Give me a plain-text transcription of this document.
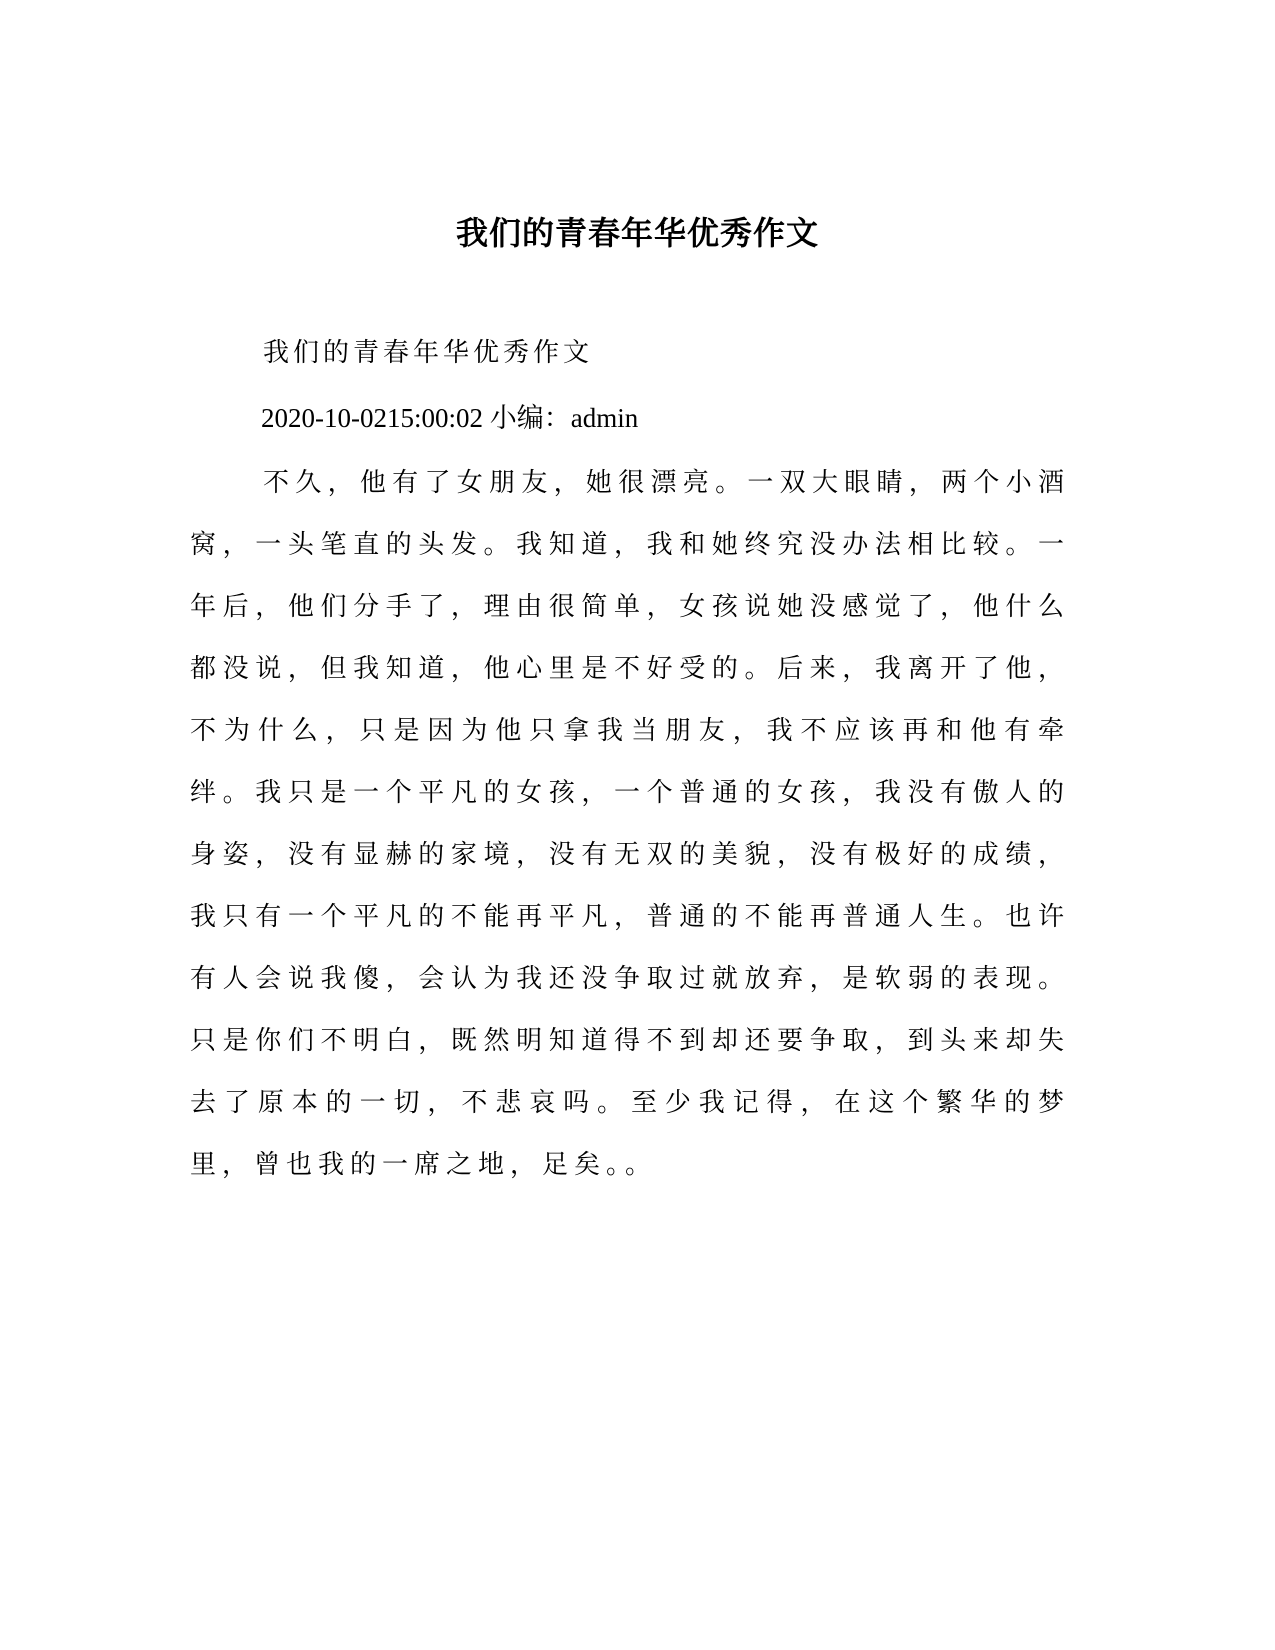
我们的青春年华优秀作文

我们的青春年华优秀作文

2020-10-0215:00:02 小编：admin

不久，他有了女朋友，她很漂亮。一双大眼睛，两个小酒窝，一头笔直的头发。我知道，我和她终究没办法相比较。一年后，他们分手了，理由很简单，女孩说她没感觉了，他什么都没说，但我知道，他心里是不好受的。后来，我离开了他，不为什么，只是因为他只拿我当朋友，我不应该再和他有牵绊。我只是一个平凡的女孩，一个普通的女孩，我没有傲人的身姿，没有显赫的家境，没有无双的美貌，没有极好的成绩，我只有一个平凡的不能再平凡，普通的不能再普通人生。也许有人会说我傻，会认为我还没争取过就放弃，是软弱的表现。只是你们不明白，既然明知道得不到却还要争取，到头来却失去了原本的一切，不悲哀吗。至少我记得，在这个繁华的梦里，曾也我的一席之地，足矣。。
